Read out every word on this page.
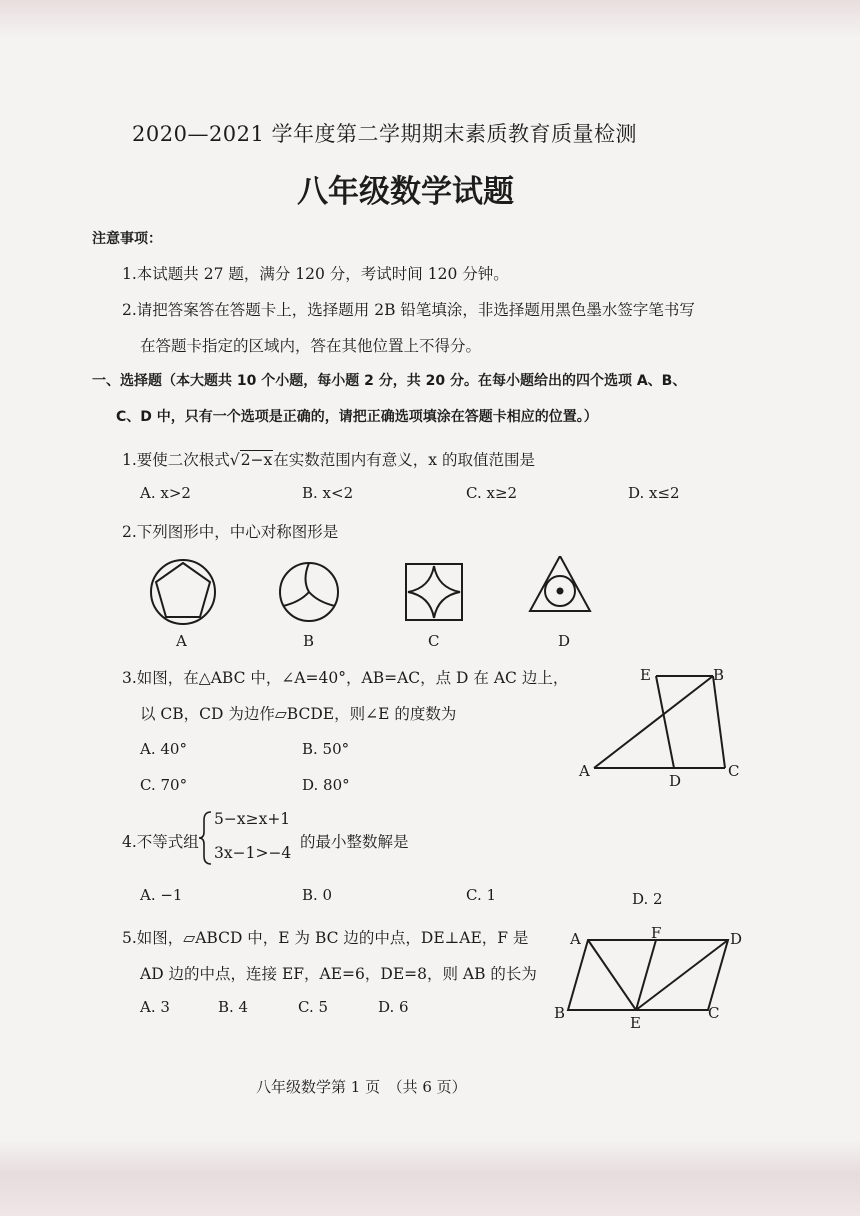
2020—2021 学年度第二学期期末素质教育质量检测
八年级数学试题
注意事项：
1.本试题共 27 题，满分 120 分，考试时间 120 分钟。
2.请把答案答在答题卡上，选择题用 2B 铅笔填涂，非选择题用黑色墨水签字笔书写
在答题卡指定的区域内，答在其他位置上不得分。
一、选择题（本大题共 10 个小题，每小题 2 分，共 20 分。在每小题给出的四个选项 A、B、
C、D 中，只有一个选项是正确的，请把正确选项填涂在答题卡相应的位置。）
1.要使二次根式√2−x在实数范围内有意义，x 的取值范围是
A. x>2	B. x<2	C. x≥2	D. x≤2
2.下列图形中，中心对称图形是
A	B	C	D
3.如图，在△ABC 中，∠A=40°，AB=AC，点 D 在 AC 边上，
以 CB，CD 为边作▱BCDE，则∠E 的度数为
A. 40°	B. 50°
C. 70°	D. 80°
E	B
A
D
C
4.不等式组
5−x≥x+1
3x−1>−4
的最小整数解是
A. −1	B. 0	C. 1	D. 2
5.如图，▱ABCD 中，E 为 BC 边的中点，DE⊥AE，F 是
AD 边的中点，连接 EF，AE=6，DE=8，则 AB 的长为
A. 3	B. 4	C. 5	D. 6
A	F	D
B
E
C
八年级数学第 1 页　（共 6 页）
